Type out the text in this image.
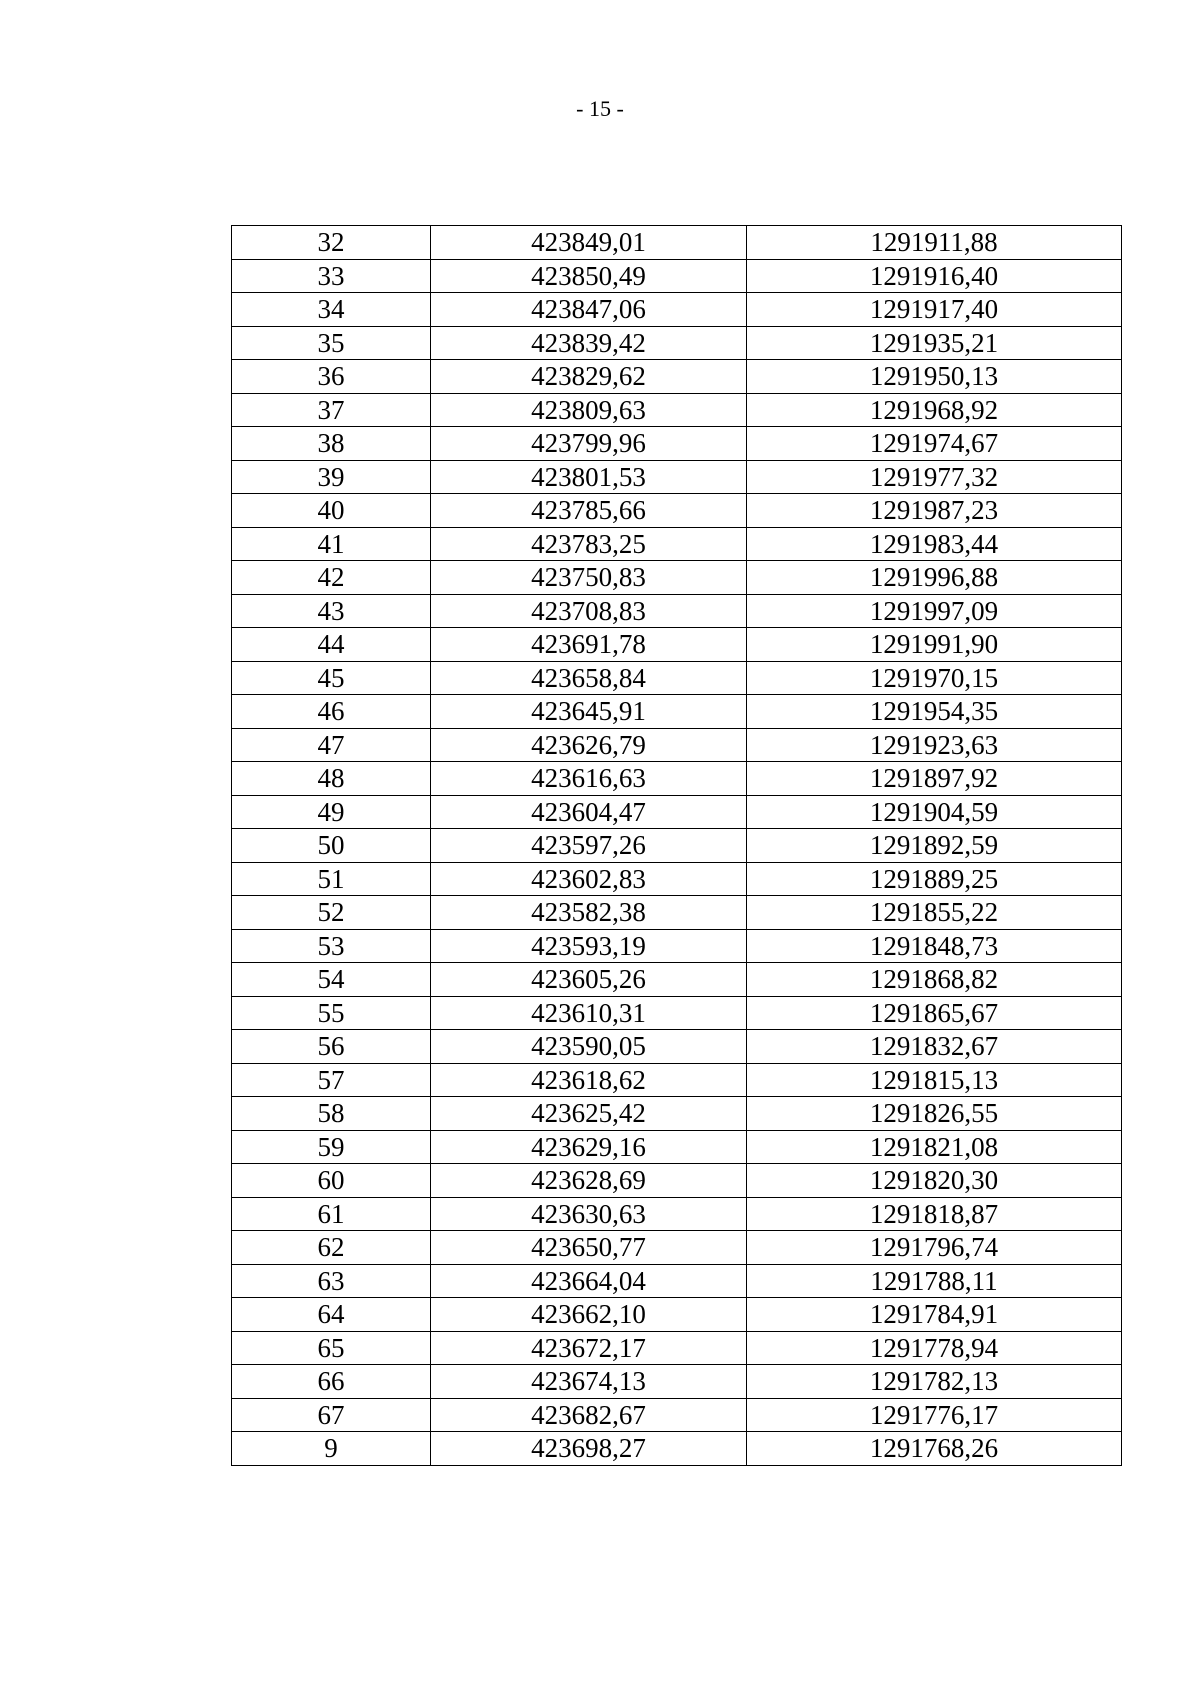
- 15 -
32	423849,01	1291911,88
33	423850,49	1291916,40
34	423847,06	1291917,40
35	423839,42	1291935,21
36	423829,62	1291950,13
37	423809,63	1291968,92
38	423799,96	1291974,67
39	423801,53	1291977,32
40	423785,66	1291987,23
41	423783,25	1291983,44
42	423750,83	1291996,88
43	423708,83	1291997,09
44	423691,78	1291991,90
45	423658,84	1291970,15
46	423645,91	1291954,35
47	423626,79	1291923,63
48	423616,63	1291897,92
49	423604,47	1291904,59
50	423597,26	1291892,59
51	423602,83	1291889,25
52	423582,38	1291855,22
53	423593,19	1291848,73
54	423605,26	1291868,82
55	423610,31	1291865,67
56	423590,05	1291832,67
57	423618,62	1291815,13
58	423625,42	1291826,55
59	423629,16	1291821,08
60	423628,69	1291820,30
61	423630,63	1291818,87
62	423650,77	1291796,74
63	423664,04	1291788,11
64	423662,10	1291784,91
65	423672,17	1291778,94
66	423674,13	1291782,13
67	423682,67	1291776,17
9	423698,27	1291768,26
